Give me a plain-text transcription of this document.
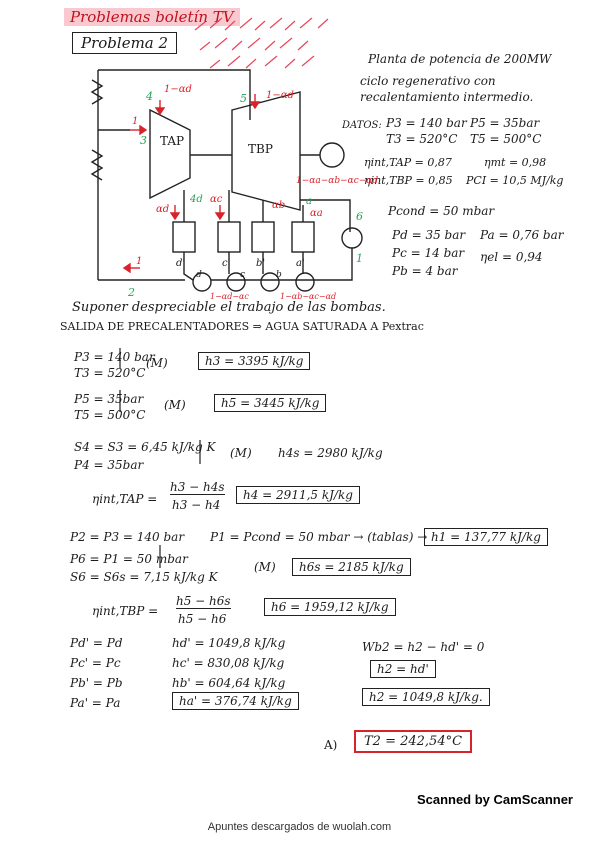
Problemas boletín TV
Problema 2
Planta de potencia de 200MW
ciclo regenerativo con
recalentamiento intermedio.
DATOS: P3 = 140 bar P5 = 35bar
T3 = 520°C T5 = 500°C
ηint,TAP = 0,87	ηmt = 0,98
ηint,TBP = 0,85 PCI = 10,5 MJ/kg
Pcond = 50 mbar
Pd = 35 bar Pa = 0,76 bar
Pc = 14 bar ηel = 0,94
Pb = 4 bar
TAP
TBP
4
1−αd
5 1−αd
1
3
1−αa−αb−αc−αd
6
1
2
1
αd
4d αc
αb
αa
a
d'	c'	b'	a'
d	c	b
1−αd−αc	1−αb−αc−αd
Suponer despreciable el trabajo de las bombas.
SALIDA DE PRECALENTADORES ⇒ AGUA SATURADA A Pextrac
P3 = 140 bar
T3 = 520°C
(M)	h3 = 3395 kJ/kg
P5 = 35bar
T5 = 500°C
(M)	h5 = 3445 kJ/kg
S4 = S3 = 6,45 kJ/kg K
P4 = 35bar
(M) h4s = 2980 kJ/kg
ηint,TAP =
h3 − h4s
h3 − h4
h4 = 2911,5 kJ/kg
P2 = P3 = 140 bar P1 = Pcond = 50 mbar → (tablas) → h1 = 137,77 kJ/kg
P6 = P1 = 50 mbar
S6 = S6s = 7,15 kJ/kg K
(M)	h6s = 2185 kJ/kg
ηint,TBP =
h5 − h6s
h5 − h6
h6 = 1959,12 kJ/kg
Pd' = Pd	hd' = 1049,8 kJ/kg
Pc' = Pc	hc' = 830,08 kJ/kg
Pb' = Pb	hb' = 604,64 kJ/kg
Pa' = Pa	ha' = 376,74 kJ/kg
Wb2 = h2 − hd' = 0
h2 = hd'
h2 = 1049,8 kJ/kg.
A)	T2 = 242,54°C
Scanned by CamScanner
Apuntes descargados de wuolah.com
